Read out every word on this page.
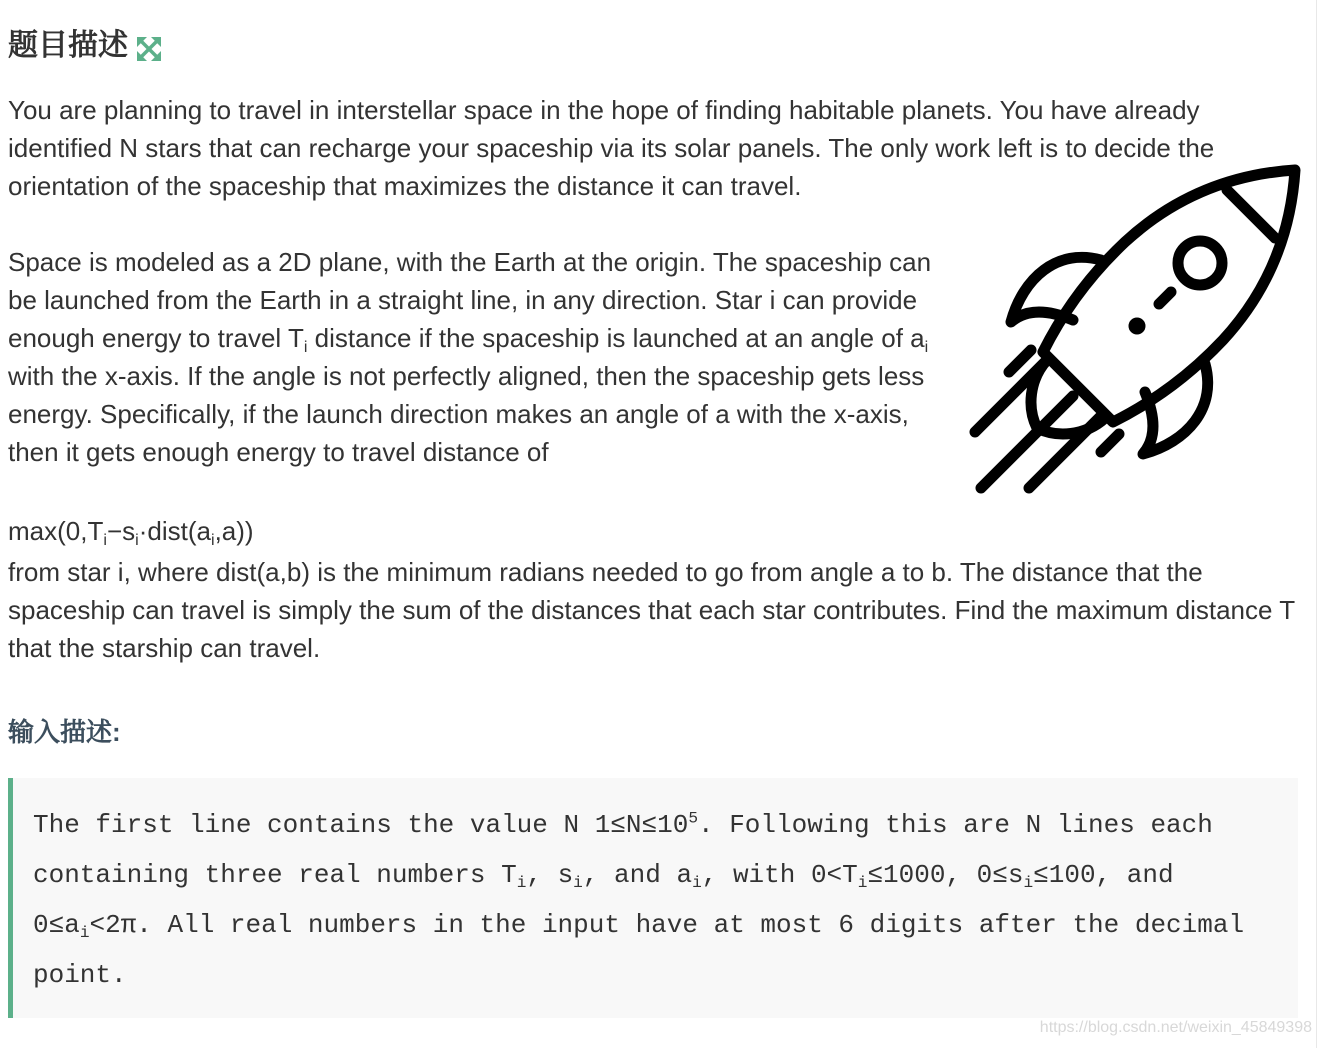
题目描述

You are planning to travel in interstellar space in the hope of finding habitable planets. You have already identified N stars that can recharge your spaceship via its solar panels. The only work left is to decide the orientation of the spaceship that maximizes the distance it can travel.

Space is modeled as a 2D plane, with the Earth at the origin. The spaceship can be launched from the Earth in a straight line, in any direction. Star i can provide enough energy to travel $T_i$ distance if the spaceship is launched at an angle of $a_i$ with the x-axis. If the angle is not perfectly aligned, then the spaceship gets less energy. Specifically, if the launch direction makes an angle of a with the x-axis, then it gets enough energy to travel distance of

$\max(0,T_i-s_i\cdot dist(a_i,a))$

from star i, where dist(a,b) is the minimum radians needed to go from angle a to b. The distance that the spaceship can travel is simply the sum of the distances that each star contributes. Find the maximum distance T that the starship can travel.

输入描述:

The first line contains the value N $1\le N\le 10^5$. Following this are N lines each containing three real numbers $T_i$, $s_i$, and $a_i$, with $0<T_i\le 1000$, $0\le s_i\le 100$, and $0\le a_i<2\pi$. All real numbers in the input have at most 6 digits after the decimal point.

https://blog.csdn.net/weixin_45849398
